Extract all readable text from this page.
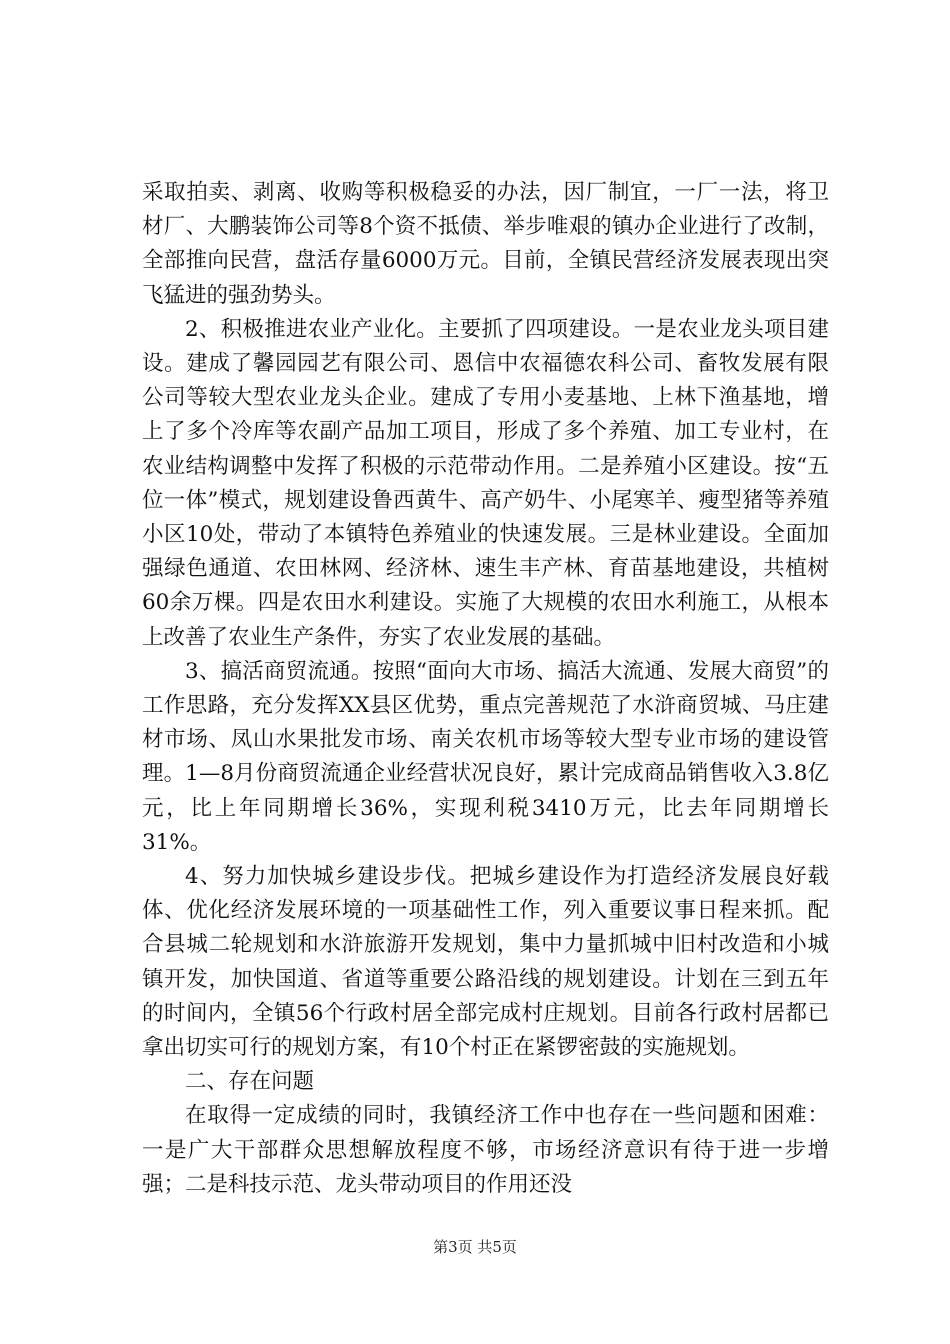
采取拍卖、剥离、收购等积极稳妥的办法，因厂制宜，一厂一法，将卫材厂、大鹏装饰公司等8个资不抵债、举步唯艰的镇办企业进行了改制，全部推向民营，盘活存量6000万元。目前，全镇民营经济发展表现出突飞猛进的强劲势头。

2、积极推进农业产业化。主要抓了四项建设。一是农业龙头项目建设。建成了馨园园艺有限公司、恩信中农福德农科公司、畜牧发展有限公司等较大型农业龙头企业。建成了专用小麦基地、上林下渔基地，增上了多个冷库等农副产品加工项目，形成了多个养殖、加工专业村，在农业结构调整中发挥了积极的示范带动作用。二是养殖小区建设。按“五位一体”模式，规划建设鲁西黄牛、高产奶牛、小尾寒羊、瘦型猪等养殖小区10处，带动了本镇特色养殖业的快速发展。三是林业建设。全面加强绿色通道、农田林网、经济林、速生丰产林、育苗基地建设，共植树60余万棵。四是农田水利建设。实施了大规模的农田水利施工，从根本上改善了农业生产条件，夯实了农业发展的基础。

3、搞活商贸流通。按照“面向大市场、搞活大流通、发展大商贸”的工作思路，充分发挥XX县区优势，重点完善规范了水浒商贸城、马庄建材市场、凤山水果批发市场、南关农机市场等较大型专业市场的建设管理。1—8月份商贸流通企业经营状况良好，累计完成商品销售收入3.8亿元，比上年同期增长36%，实现利税3410万元，比去年同期增长31%。

4、努力加快城乡建设步伐。把城乡建设作为打造经济发展良好载体、优化经济发展环境的一项基础性工作，列入重要议事日程来抓。配合县城二轮规划和水浒旅游开发规划，集中力量抓城中旧村改造和小城镇开发，加快国道、省道等重要公路沿线的规划建设。计划在三到五年的时间内，全镇56个行政村居全部完成村庄规划。目前各行政村居都已拿出切实可行的规划方案，有10个村正在紧锣密鼓的实施规划。

二、存在问题

在取得一定成绩的同时，我镇经济工作中也存在一些问题和困难：一是广大干部群众思想解放程度不够，市场经济意识有待于进一步增强；二是科技示范、龙头带动项目的作用还没

第3页 共5页
